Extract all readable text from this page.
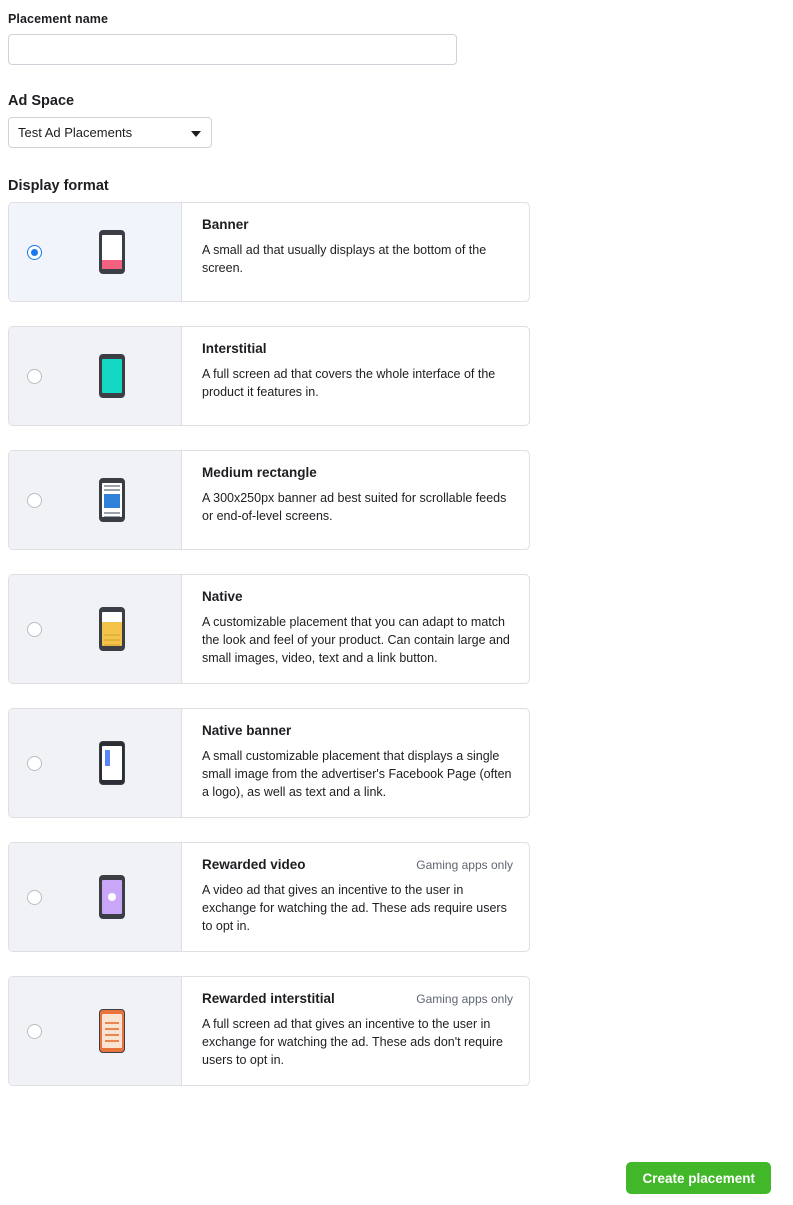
Placement name
Ad Space
Test Ad Placements
Display format
Banner
A small ad that usually displays at the bottom of the screen.
Interstitial
A full screen ad that covers the whole interface of the product it features in.
Medium rectangle
A 300x250px banner ad best suited for scrollable feeds or end-of-level screens.
Native
A customizable placement that you can adapt to match the look and feel of your product. Can contain large and small images, video, text and a link button.
Native banner
A small customizable placement that displays a single small image from the advertiser's Facebook Page (often a logo), as well as text and a link.
Rewarded video	Gaming apps only
A video ad that gives an incentive to the user in exchange for watching the ad. These ads require users to opt in.
Rewarded interstitial	Gaming apps only
A full screen ad that gives an incentive to the user in exchange for watching the ad. These ads don't require users to opt in.
Create placement
